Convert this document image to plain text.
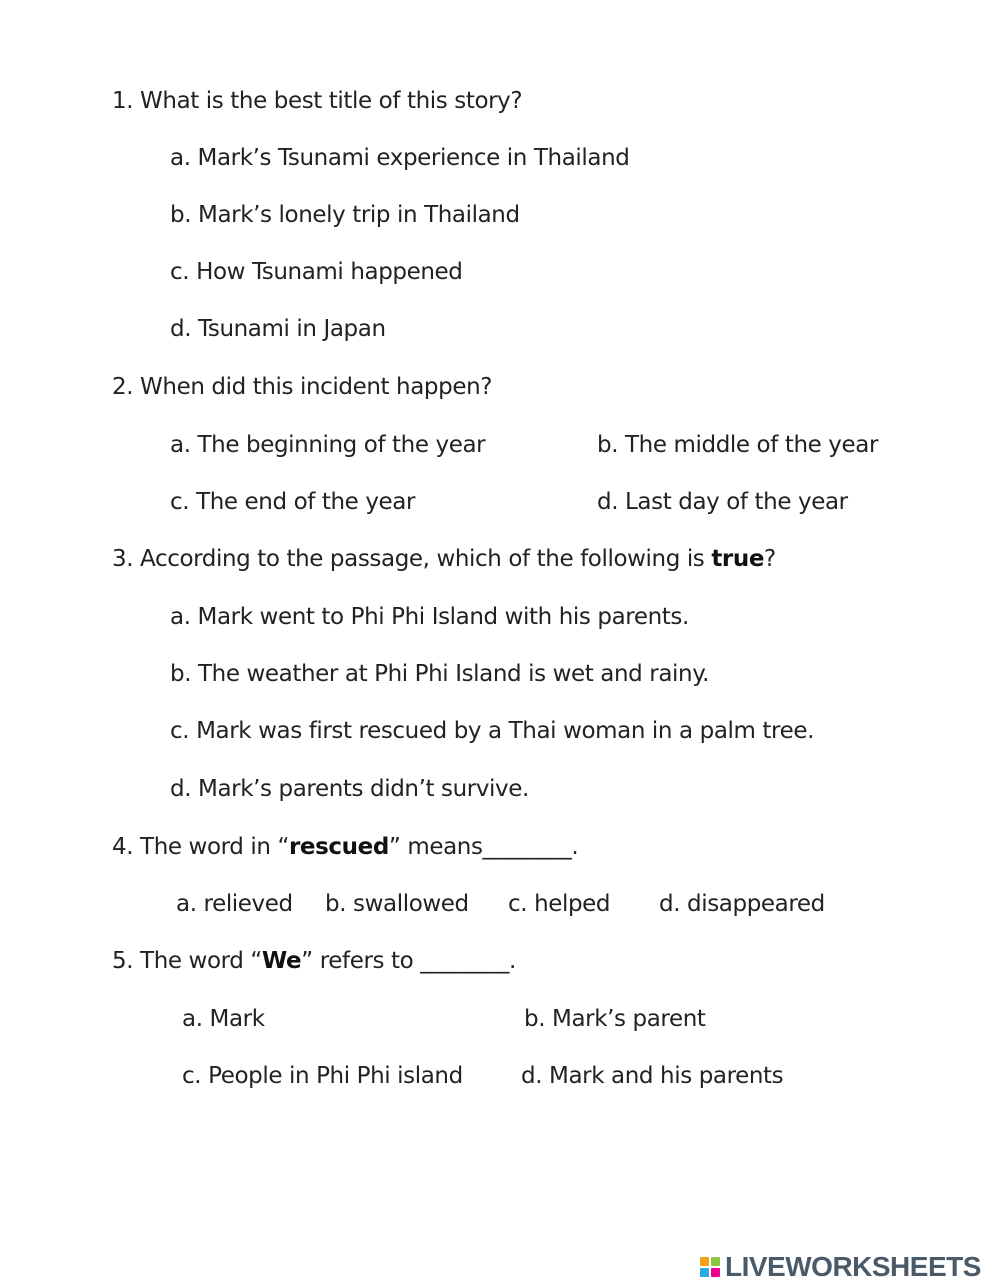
1. What is the best title of this story?
a. Mark’s Tsunami experience in Thailand
b. Mark’s lonely trip in Thailand
c. How Tsunami happened
d. Tsunami in Japan
2. When did this incident happen?
a. The beginning of the year	b. The middle of the year
c. The end of the year	d. Last day of the year
3. According to the passage, which of the following is true?
a. Mark went to Phi Phi Island with his parents.
b. The weather at Phi Phi Island is wet and rainy.
c. Mark was first rescued by a Thai woman in a palm tree.
d. Mark’s parents didn’t survive.
4. The word in “rescued” means________.
a. relieved b. swallowed c. helped d. disappeared
5. The word “We” refers to ________.
a. Mark	b. Mark’s parent
c. People in Phi Phi island	d. Mark and his parents
LIVEWORKSHEETS
